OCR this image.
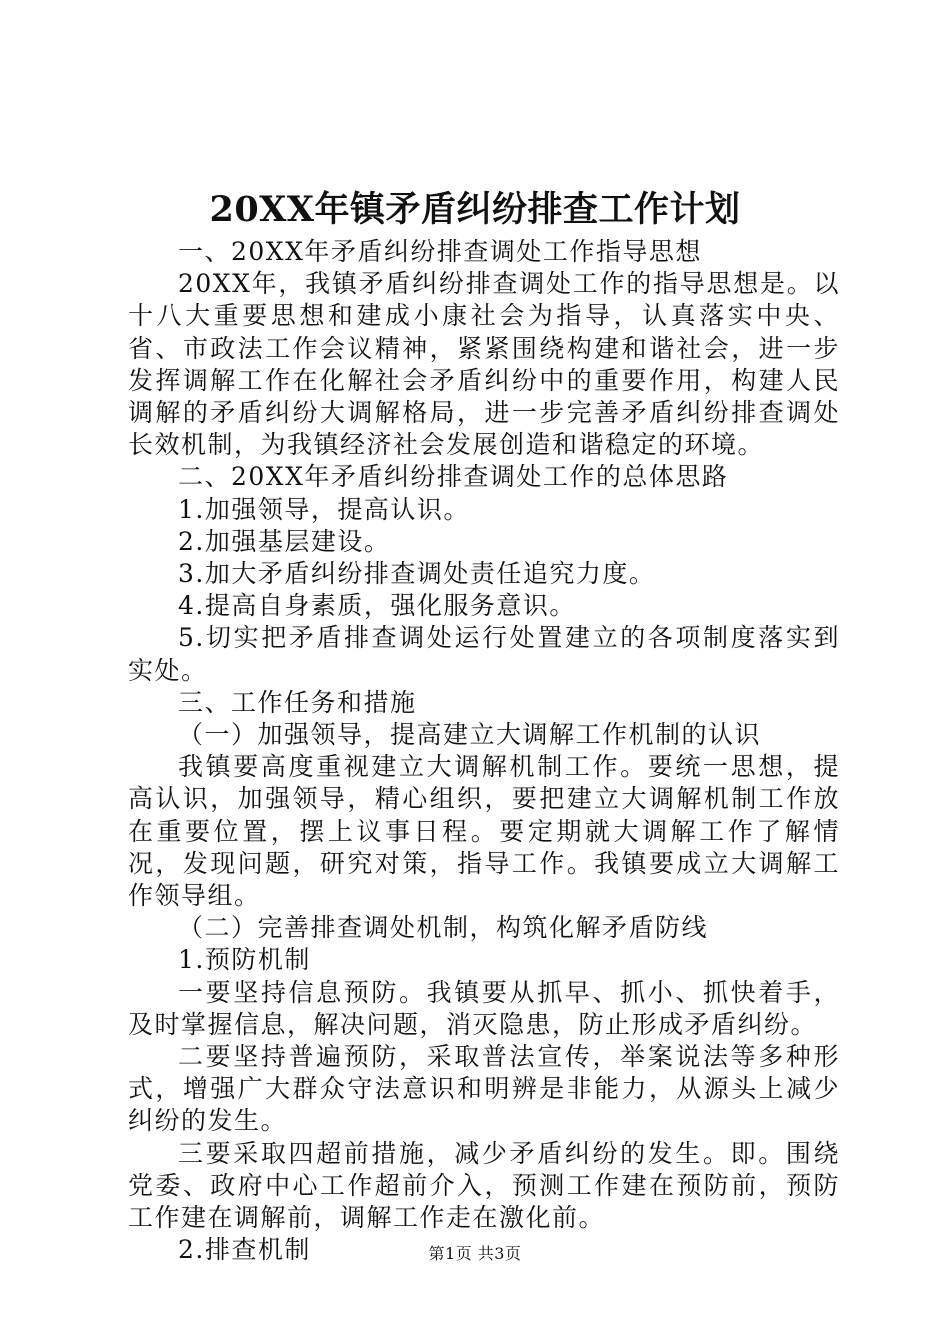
20XX年镇矛盾纠纷排查工作计划

一、20XX年矛盾纠纷排查调处工作指导思想

20XX年，我镇矛盾纠纷排查调处工作的指导思想是。以十八大重要思想和建成小康社会为指导，认真落实中央、省、市政法工作会议精神，紧紧围绕构建和谐社会，进一步发挥调解工作在化解社会矛盾纠纷中的重要作用，构建人民调解的矛盾纠纷大调解格局，进一步完善矛盾纠纷排查调处长效机制，为我镇经济社会发展创造和谐稳定的环境。

二、20XX年矛盾纠纷排查调处工作的总体思路

1.加强领导，提高认识。

2.加强基层建设。

3.加大矛盾纠纷排查调处责任追究力度。

4.提高自身素质，强化服务意识。

5.切实把矛盾排查调处运行处置建立的各项制度落实到实处。

三、工作任务和措施

（一）加强领导，提高建立大调解工作机制的认识

我镇要高度重视建立大调解机制工作。要统一思想，提高认识，加强领导，精心组织，要把建立大调解机制工作放在重要位置，摆上议事日程。要定期就大调解工作了解情况，发现问题，研究对策，指导工作。我镇要成立大调解工作领导组。

（二）完善排查调处机制，构筑化解矛盾防线

1.预防机制

一要坚持信息预防。我镇要从抓早、抓小、抓快着手，及时掌握信息，解决问题，消灭隐患，防止形成矛盾纠纷。

二要坚持普遍预防，采取普法宣传，举案说法等多种形式，增强广大群众守法意识和明辨是非能力，从源头上减少纠纷的发生。

三要采取四超前措施，减少矛盾纠纷的发生。即。围绕党委、政府中心工作超前介入，预测工作建在预防前，预防工作建在调解前，调解工作走在激化前。

2.排查机制	第1页 共3页
